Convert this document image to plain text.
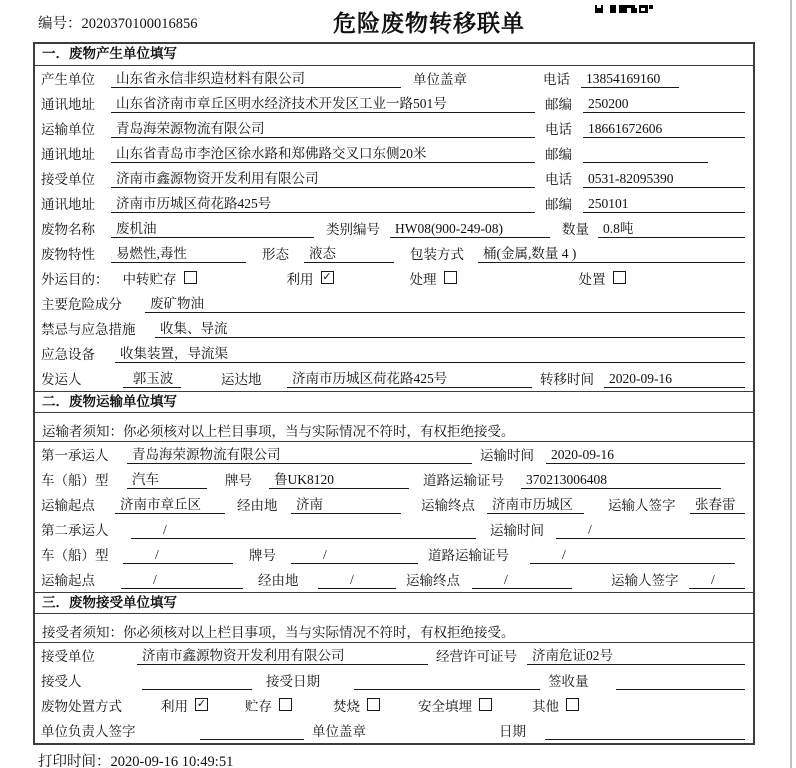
编号：2020370100016856	危险废物转移联单
一．废物产生单位填写
产生单位	山东省永信非织造材料有限公司	单位盖章	电话	13854169160
通讯地址	山东省济南市章丘区明水经济技术开发区工业一路501号	邮编	250200
运输单位	青岛海荣源物流有限公司	电话	18661672606
通讯地址	山东省青岛市李沧区徐水路和郑佛路交叉口东侧20米	邮编
接受单位	济南市鑫源物资开发利用有限公司	电话	0531-82095390
通讯地址	济南市历城区荷花路425号	邮编	250101
废物名称	废机油	类别编号	HW08(900-249-08)	数量	0.8吨
废物特性	易燃性,毒性	形态	液态	包装方式	桶(金属,数量 4 )
外运目的： 中转贮存	利用 ✓	处理	处置
主要危险成分	废矿物油
禁忌与应急措施	收集、导流
应急设备	收集装置，导流渠
发运人	郭玉波	运达地	济南市历城区荷花路425号	转移时间	2020-09-16
二．废物运输单位填写
运输者须知：你必须核对以上栏目事项，当与实际情况不符时，有权拒绝接受。
第一承运人	青岛海荣源物流有限公司	运输时间	2020-09-16
车（船）型	汽车	牌号	鲁UK8120	道路运输证号	370213006408
运输起点	济南市章丘区	经由地	济南	运输终点	济南市历城区	运输人签字	张春雷
第二承运人	/	运输时间	/
车（船）型	/	牌号	/	道路运输证号	/
运输起点	/	经由地	/	运输终点	/	运输人签字	/
三．废物接受单位填写
接受者须知：你必须核对以上栏目事项，当与实际情况不符时，有权拒绝接受。
接受单位	济南市鑫源物资开发利用有限公司	经营许可证号	济南危证02号
接受人	接受日期	签收量
废物处置方式	利用 ✓	贮存	焚烧	安全填埋	其他
单位负责人签字	单位盖章	日期
打印时间：2020-09-16 10:49:51
